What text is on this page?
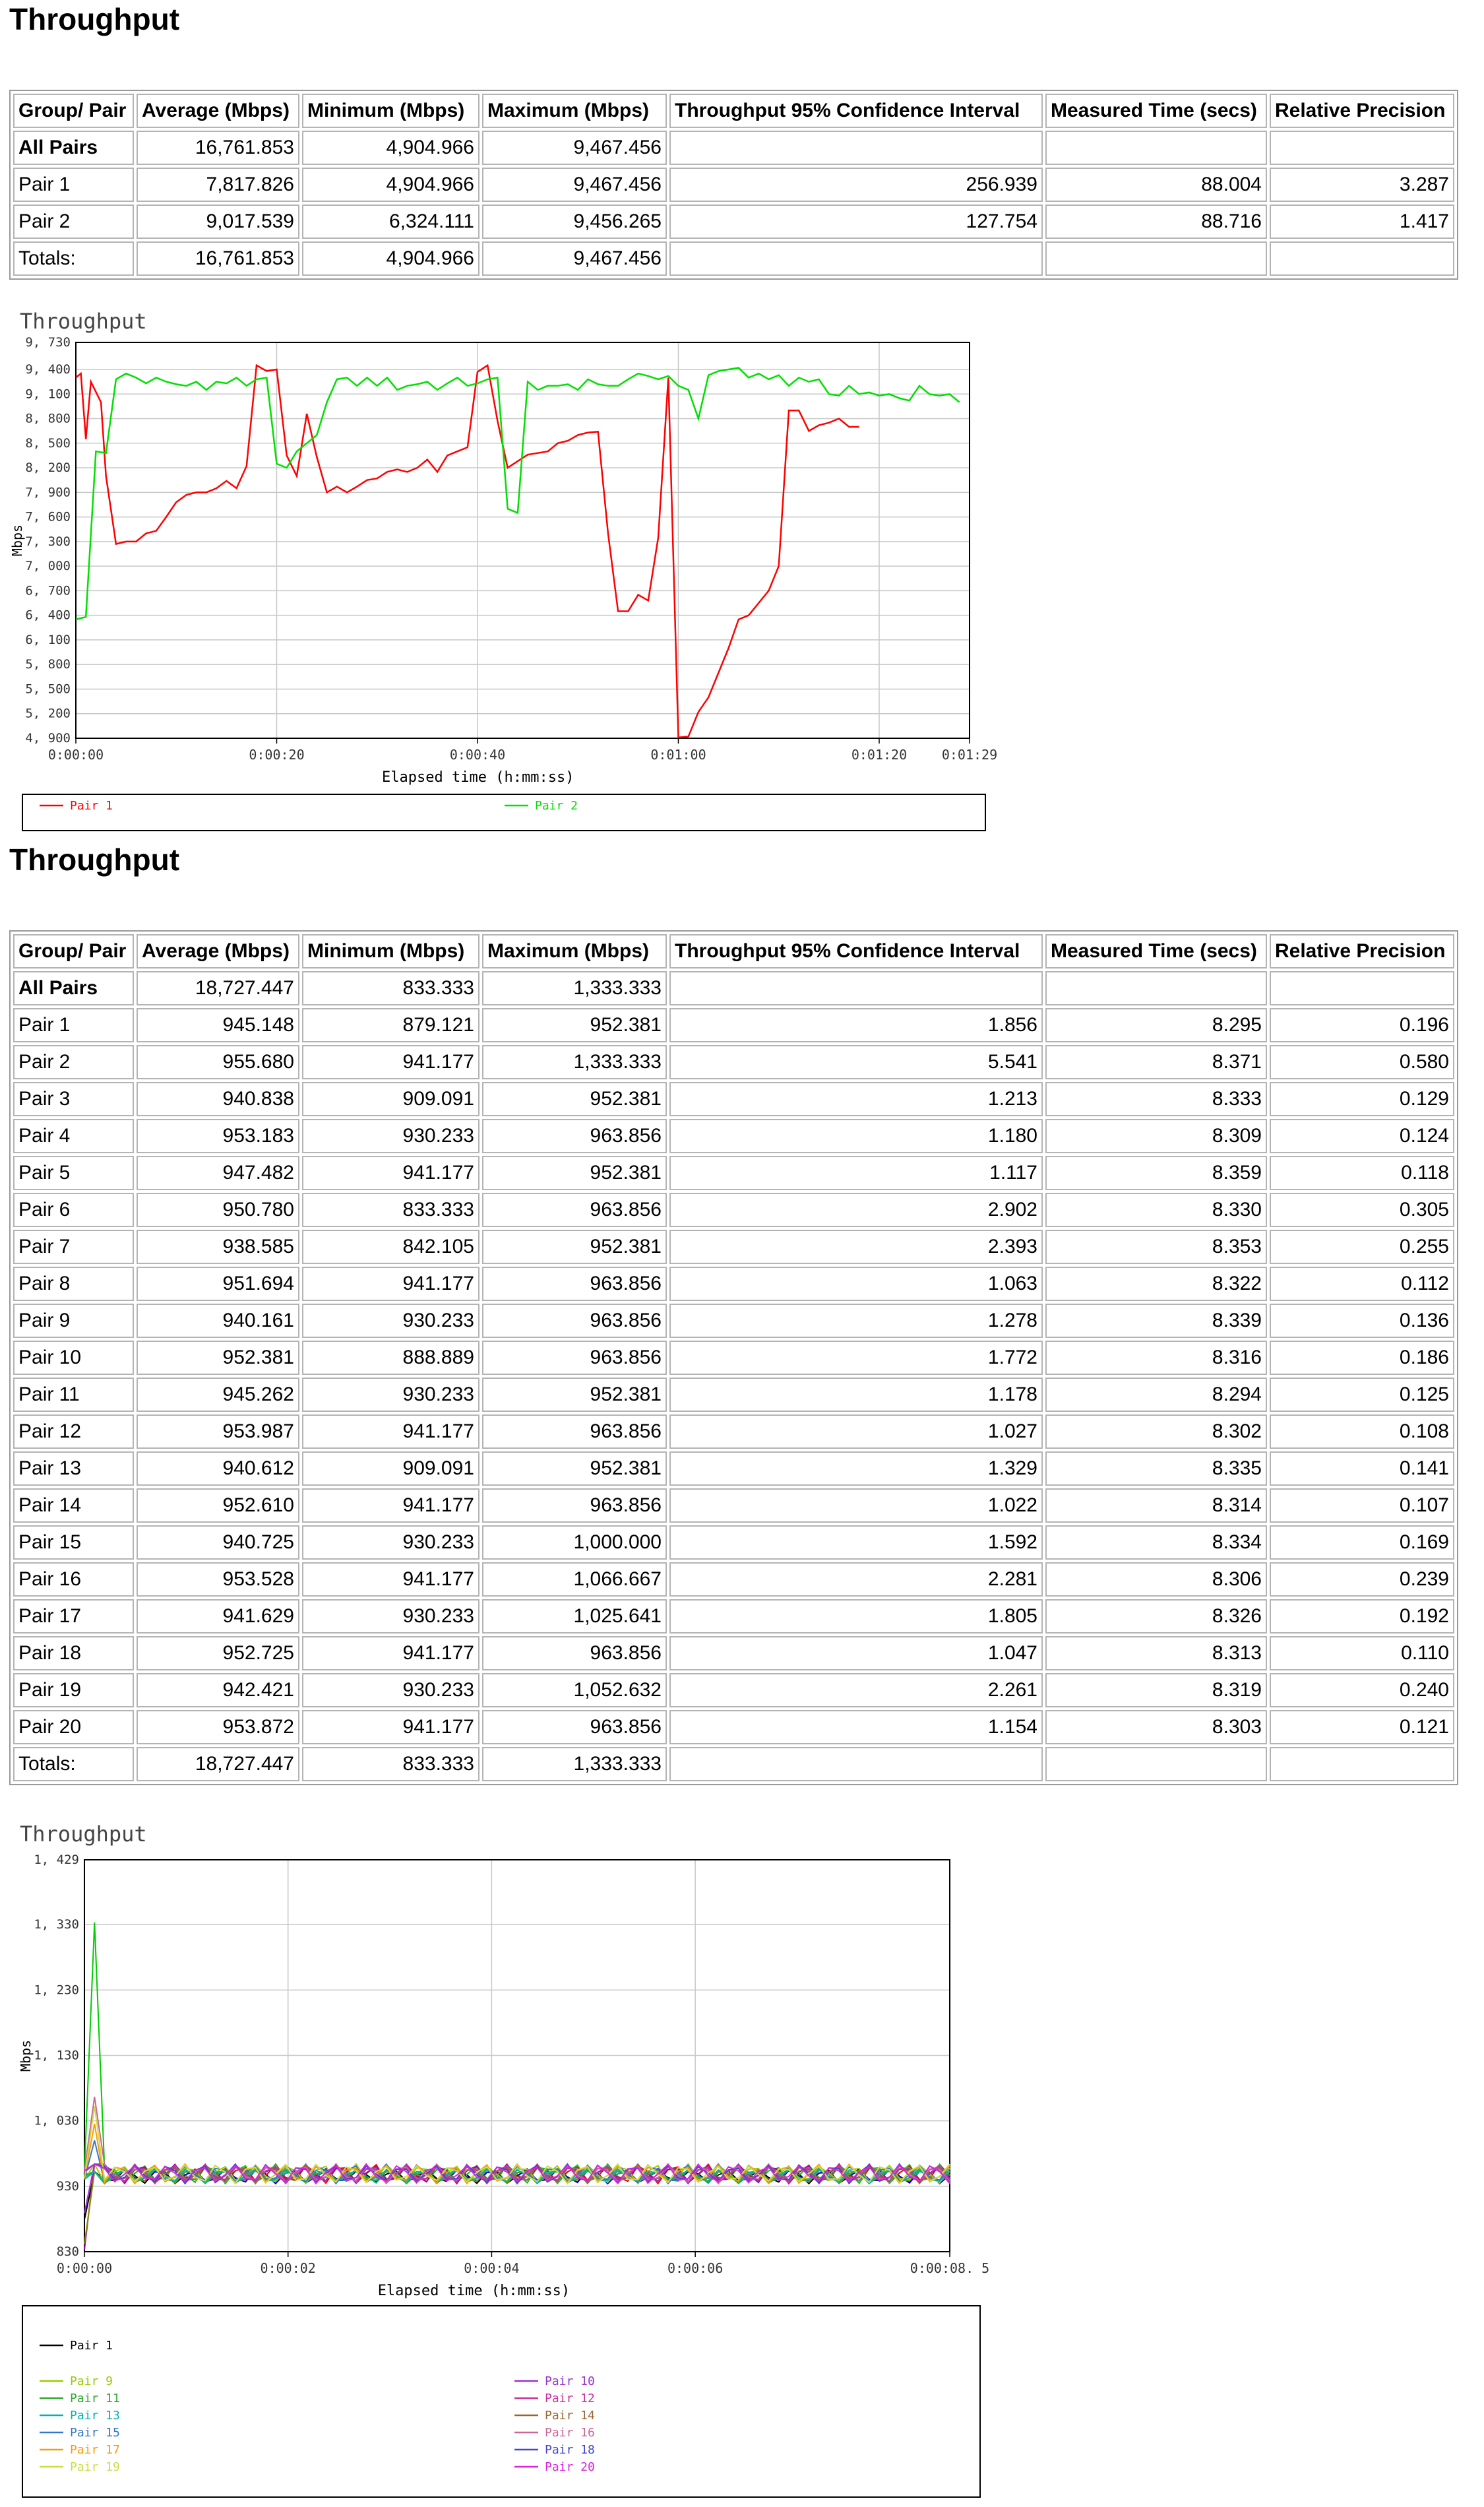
Throughput
Group/ Pair	Average (Mbps)	Minimum (Mbps)	Maximum (Mbps)	Throughput 95% Confidence Interval	Measured Time (secs)	Relative Precision
All Pairs	16,761.853	4,904.966	9,467.456			
Pair 1	7,817.826	4,904.966	9,467.456	256.939	88.004	3.287
Pair 2	9,017.539	6,324.111	9,456.265	127.754	88.716	1.417
Totals:	16,761.853	4,904.966	9,467.456			
Throughput
4, 900
5, 200
5, 500
5, 800
6, 100
6, 400
6, 700
7, 000
7, 300
7, 600
7, 900
8, 200
8, 500
8, 800
9, 100
9, 400
9, 730
0:00:00	0:00:20	0:00:40	0:01:00	0:01:20	0:01:29
Elapsed time (h:mm:ss)
Mbps
Pair 1	Pair 2
Throughput
Group/ Pair	Average (Mbps)	Minimum (Mbps)	Maximum (Mbps)	Throughput 95% Confidence Interval	Measured Time (secs)	Relative Precision
All Pairs	18,727.447	833.333	1,333.333			
Pair 1	945.148	879.121	952.381	1.856	8.295	0.196
Pair 2	955.680	941.177	1,333.333	5.541	8.371	0.580
Pair 3	940.838	909.091	952.381	1.213	8.333	0.129
Pair 4	953.183	930.233	963.856	1.180	8.309	0.124
Pair 5	947.482	941.177	952.381	1.117	8.359	0.118
Pair 6	950.780	833.333	963.856	2.902	8.330	0.305
Pair 7	938.585	842.105	952.381	2.393	8.353	0.255
Pair 8	951.694	941.177	963.856	1.063	8.322	0.112
Pair 9	940.161	930.233	963.856	1.278	8.339	0.136
Pair 10	952.381	888.889	963.856	1.772	8.316	0.186
Pair 11	945.262	930.233	952.381	1.178	8.294	0.125
Pair 12	953.987	941.177	963.856	1.027	8.302	0.108
Pair 13	940.612	909.091	952.381	1.329	8.335	0.141
Pair 14	952.610	941.177	963.856	1.022	8.314	0.107
Pair 15	940.725	930.233	1,000.000	1.592	8.334	0.169
Pair 16	953.528	941.177	1,066.667	2.281	8.306	0.239
Pair 17	941.629	930.233	1,025.641	1.805	8.326	0.192
Pair 18	952.725	941.177	963.856	1.047	8.313	0.110
Pair 19	942.421	930.233	1,052.632	2.261	8.319	0.240
Pair 20	953.872	941.177	963.856	1.154	8.303	0.121
Totals:	18,727.447	833.333	1,333.333			
Throughput
830
930
1, 030
1, 130
1, 230
1, 330
1, 429
0:00:00	0:00:02	0:00:04	0:00:06	0:00:08. 5
Elapsed time (h:mm:ss)
Mbps
Pair 1
Pair 9
Pair 11
Pair 13
Pair 15
Pair 17
Pair 19
Pair 10
Pair 12
Pair 14
Pair 16
Pair 18
Pair 20
